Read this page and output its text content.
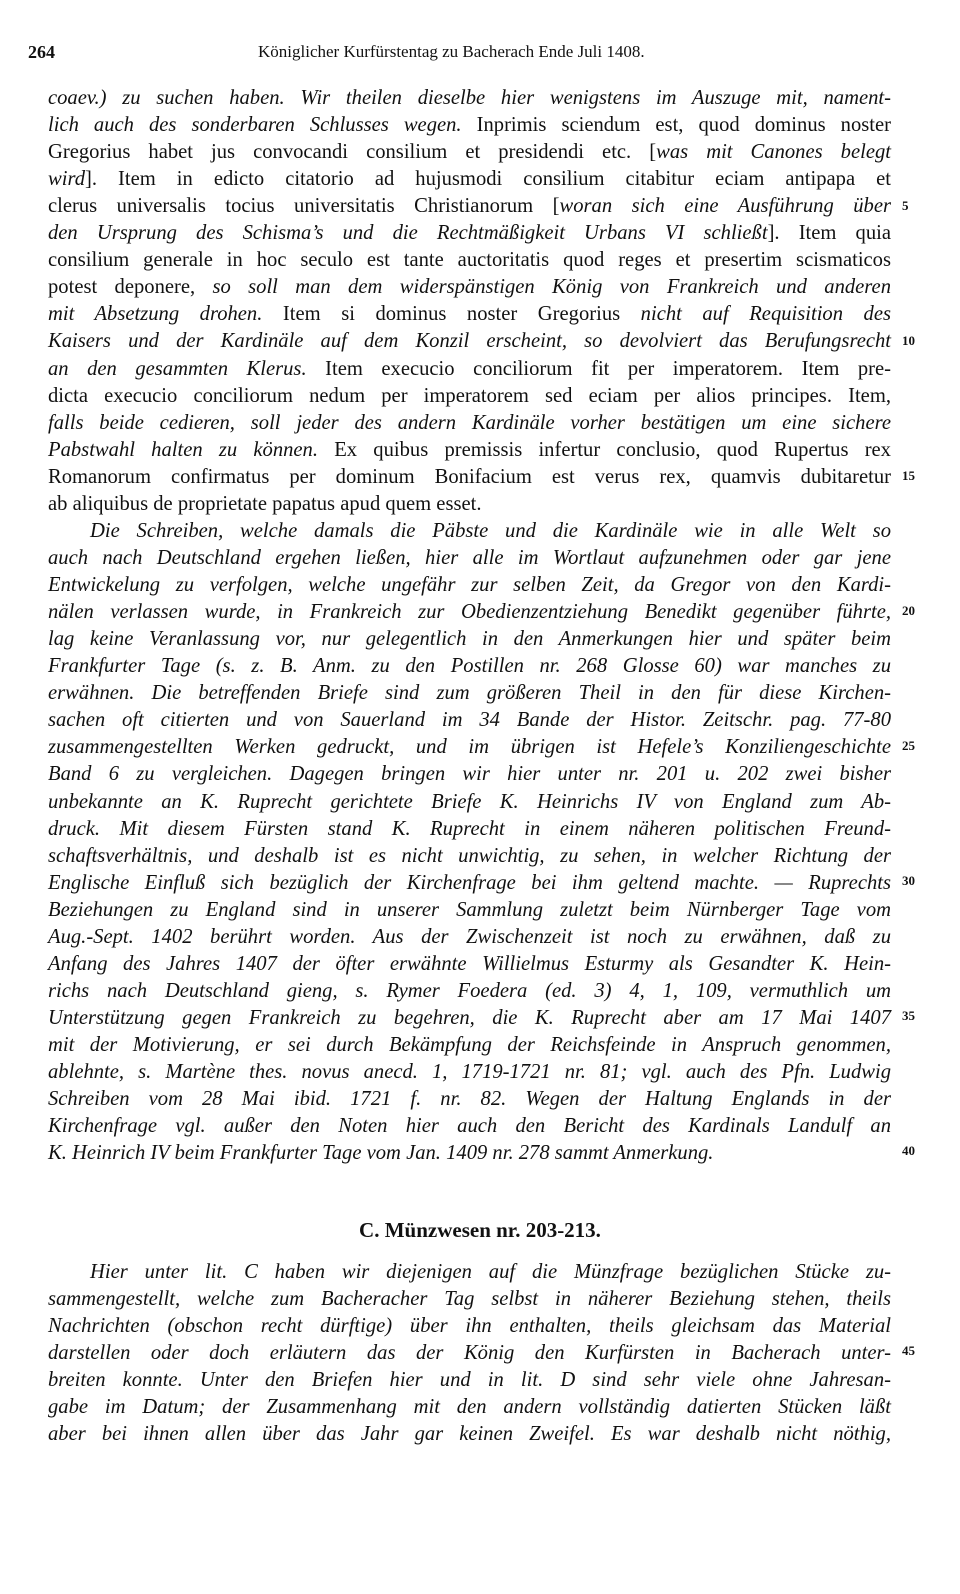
264	Königlicher Kurfürstentag zu Bacherach Ende Juli 1408.
coaev.) zu suchen haben. Wir theilen dieselbe hier wenigstens im Auszuge mit, nament-
lich auch des sonderbaren Schlusses wegen. Inprimis sciendum est, quod dominus noster
Gregorius habet jus convocandi consilium et presidendi etc. [was mit Canones belegt
wird]. Item in edicto citatorio ad hujusmodi consilium citabitur eciam antipapa et
clerus universalis tocius universitatis Christianorum [woran sich eine Ausführung über
den Ursprung des Schisma’s und die Rechtmäßigkeit Urbans VI schließt]. Item quia
consilium generale in hoc seculo est tante auctoritatis quod reges et presertim scismaticos
potest deponere, so soll man dem widerspänstigen König von Frankreich und anderen
mit Absetzung drohen. Item si dominus noster Gregorius nicht auf Requisition des
Kaisers und der Kardinäle auf dem Konzil erscheint, so devolviert das Berufungsrecht
an den gesammten Klerus. Item execucio conciliorum fit per imperatorem. Item pre-
dicta execucio conciliorum nedum per imperatorem sed eciam per alios principes. Item,
falls beide cedieren, soll jeder des andern Kardinäle vorher bestätigen um eine sichere
Pabstwahl halten zu können. Ex quibus premissis infertur conclusio, quod Rupertus rex
Romanorum confirmatus per dominum Bonifacium est verus rex, quamvis dubitaretur
ab aliquibus de proprietate papatus apud quem esset.
Die Schreiben, welche damals die Päbste und die Kardinäle wie in alle Welt so
auch nach Deutschland ergehen ließen, hier alle im Wortlaut aufzunehmen oder gar jene
Entwickelung zu verfolgen, welche ungefähr zur selben Zeit, da Gregor von den Kardi-
nälen verlassen wurde, in Frankreich zur Obedienzentziehung Benedikt gegenüber führte,
lag keine Veranlassung vor, nur gelegentlich in den Anmerkungen hier und später beim
Frankfurter Tage (s. z. B. Anm. zu den Postillen nr. 268 Glosse 60) war manches zu
erwähnen. Die betreffenden Briefe sind zum größeren Theil in den für diese Kirchen-
sachen oft citierten und von Sauerland im 34 Bande der Histor. Zeitschr. pag. 77-80
zusammengestellten Werken gedruckt, und im übrigen ist Hefele’s Konziliengeschichte
Band 6 zu vergleichen. Dagegen bringen wir hier unter nr. 201 u. 202 zwei bisher
unbekannte an K. Ruprecht gerichtete Briefe K. Heinrichs IV von England zum Ab-
druck. Mit diesem Fürsten stand K. Ruprecht in einem näheren politischen Freund-
schaftsverhältnis, und deshalb ist es nicht unwichtig, zu sehen, in welcher Richtung der
Englische Einfluß sich bezüglich der Kirchenfrage bei ihm geltend machte. — Ruprechts
Beziehungen zu England sind in unserer Sammlung zuletzt beim Nürnberger Tage vom
Aug.-Sept. 1402 berührt worden. Aus der Zwischenzeit ist noch zu erwähnen, daß zu
Anfang des Jahres 1407 der öfter erwähnte Willielmus Esturmy als Gesandter K. Hein-
richs nach Deutschland gieng, s. Rymer Foedera (ed. 3) 4, 1, 109, vermuthlich um
Unterstützung gegen Frankreich zu begehren, die K. Ruprecht aber am 17 Mai 1407
mit der Motivierung, er sei durch Bekämpfung der Reichsfeinde in Anspruch genommen,
ablehnte, s. Martène thes. novus anecd. 1, 1719-1721 nr. 81; vgl. auch des Pfn. Ludwig
Schreiben vom 28 Mai ibid. 1721 f. nr. 82. Wegen der Haltung Englands in der
Kirchenfrage vgl. außer den Noten hier auch den Bericht des Kardinals Landulf an
K. Heinrich IV beim Frankfurter Tage vom Jan. 1409 nr. 278 sammt Anmerkung.
C. Münzwesen nr. 203-213.
Hier unter lit. C haben wir diejenigen auf die Münzfrage bezüglichen Stücke zu-
sammengestellt, welche zum Bacheracher Tag selbst in näherer Beziehung stehen, theils
Nachrichten (obschon recht dürftige) über ihn enthalten, theils gleichsam das Material
darstellen oder doch erläutern das der König den Kurfürsten in Bacherach unter-
breiten konnte. Unter den Briefen hier und in lit. D sind sehr viele ohne Jahresan-
gabe im Datum; der Zusammenhang mit den andern vollständig datierten Stücken läßt
aber bei ihnen allen über das Jahr gar keinen Zweifel. Es war deshalb nicht nöthig,
5
10
15
20
25
30
35
40
45
